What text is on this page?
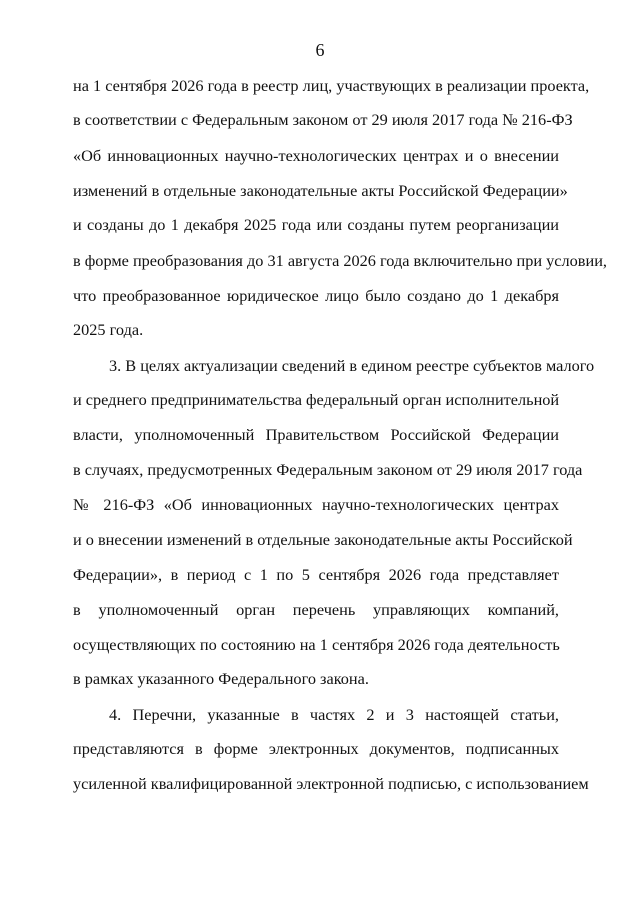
6
на 1 сентября 2026 года в реестр лиц, участвующих в реализации проекта,
в соответствии с Федеральным законом от 29 июля 2017 года № 216-ФЗ
«Об инновационных научно-технологических центрах и о внесении
изменений в отдельные законодательные акты Российской Федерации»
и созданы до 1 декабря 2025 года или созданы путем реорганизации
в форме преобразования до 31 августа 2026 года включительно при условии,
что преобразованное юридическое лицо было создано до 1 декабря
2025 года.
3. В целях актуализации сведений в едином реестре субъектов малого
и среднего предпринимательства федеральный орган исполнительной
власти, уполномоченный Правительством Российской Федерации
в случаях, предусмотренных Федеральным законом от 29 июля 2017 года
№ 216-ФЗ «Об инновационных научно-технологических центрах
и о внесении изменений в отдельные законодательные акты Российской
Федерации», в период с 1 по 5 сентября 2026 года представляет
в уполномоченный орган перечень управляющих компаний,
осуществляющих по состоянию на 1 сентября 2026 года деятельность
в рамках указанного Федерального закона.
4. Перечни, указанные в частях 2 и 3 настоящей статьи,
представляются в форме электронных документов, подписанных
усиленной квалифицированной электронной подписью, с использованием
